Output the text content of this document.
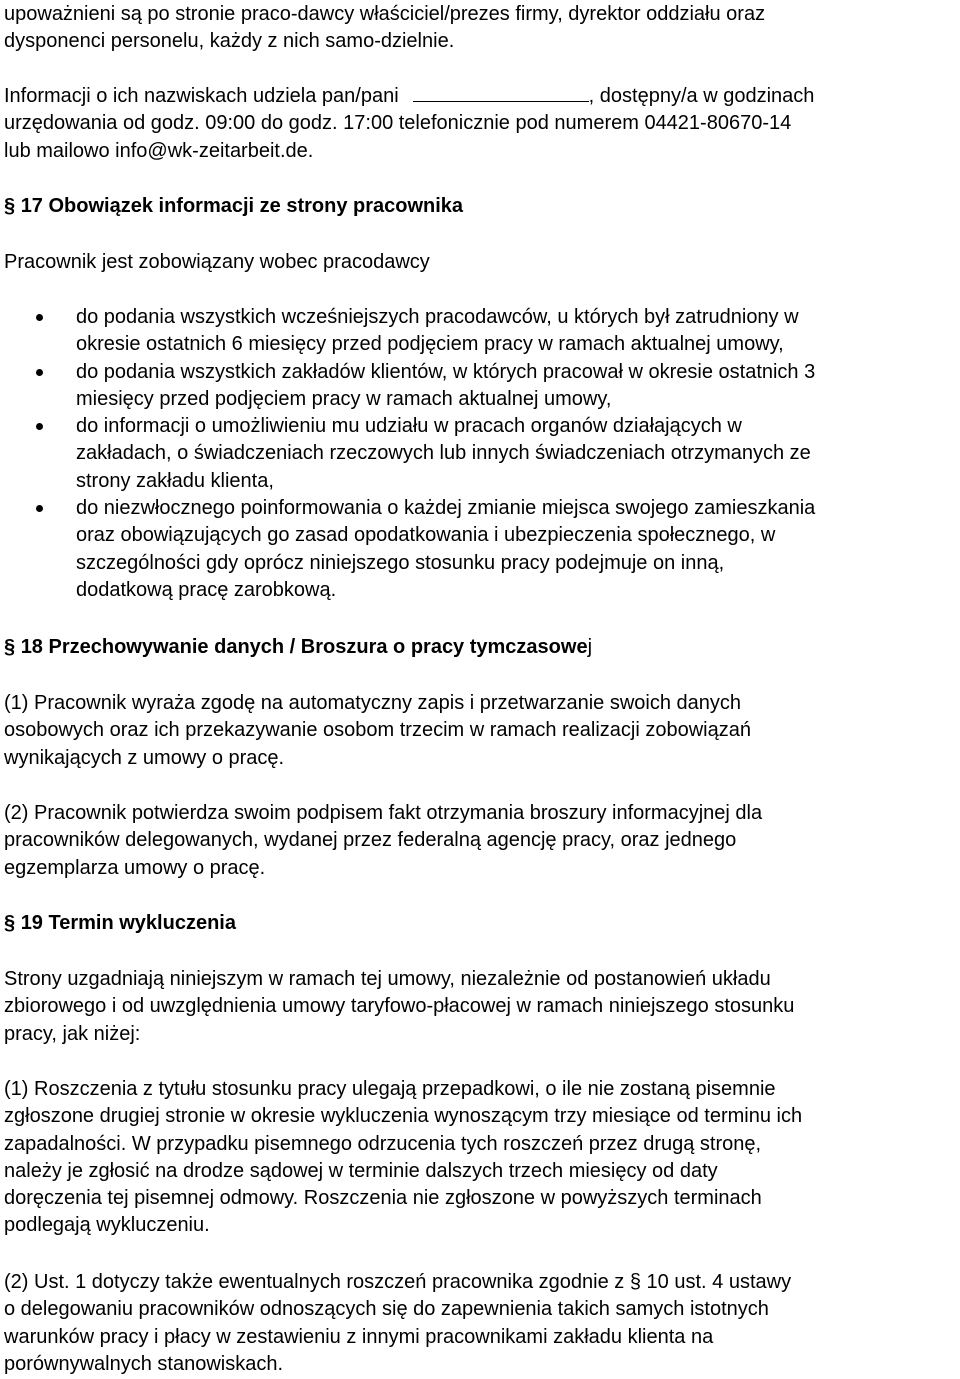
upoważnieni są po stronie praco-dawcy właściciel/prezes firmy, dyrektor oddziału oraz
dysponenci personelu, każdy z nich samo-dzielnie.
Informacji o ich nazwiskach udziela pan/pani	, dostępny/a w godzinach
urzędowania od godz. 09:00 do godz. 17:00 telefonicznie pod numerem 04421-80670-14
lub mailowo info@wk-zeitarbeit.de.
§ 17 Obowiązek informacji ze strony pracownika
Pracownik jest zobowiązany wobec pracodawcy
do podania wszystkich wcześniejszych pracodawców, u których był zatrudniony w
okresie ostatnich 6 miesięcy przed podjęciem pracy w ramach aktualnej umowy,
do podania wszystkich zakładów klientów, w których pracował w okresie ostatnich 3
miesięcy przed podjęciem pracy w ramach aktualnej umowy,
do informacji o umożliwieniu mu udziału w pracach organów działających w
zakładach, o świadczeniach rzeczowych lub innych świadczeniach otrzymanych ze
strony zakładu klienta,
do niezwłocznego poinformowania o każdej zmianie miejsca swojego zamieszkania
oraz obowiązujących go zasad opodatkowania i ubezpieczenia społecznego, w
szczególności gdy oprócz niniejszego stosunku pracy podejmuje on inną,
dodatkową pracę zarobkową.
§ 18 Przechowywanie danych / Broszura o pracy tymczasowej
(1) Pracownik wyraża zgodę na automatyczny zapis i przetwarzanie swoich danych
osobowych oraz ich przekazywanie osobom trzecim w ramach realizacji zobowiązań
wynikających z umowy o pracę.
(2) Pracownik potwierdza swoim podpisem fakt otrzymania broszury informacyjnej dla
pracowników delegowanych, wydanej przez federalną agencję pracy, oraz jednego
egzemplarza umowy o pracę.
§ 19 Termin wykluczenia
Strony uzgadniają niniejszym w ramach tej umowy, niezależnie od postanowień układu
zbiorowego i od uwzględnienia umowy taryfowo-płacowej w ramach niniejszego stosunku
pracy, jak niżej:
(1) Roszczenia z tytułu stosunku pracy ulegają przepadkowi, o ile nie zostaną pisemnie
zgłoszone drugiej stronie w okresie wykluczenia wynoszącym trzy miesiące od terminu ich
zapadalności. W przypadku pisemnego odrzucenia tych roszczeń przez drugą stronę,
należy je zgłosić na drodze sądowej w terminie dalszych trzech miesięcy od daty
doręczenia tej pisemnej odmowy. Roszczenia nie zgłoszone w powyższych terminach
podlegają wykluczeniu.
(2) Ust. 1 dotyczy także ewentualnych roszczeń pracownika zgodnie z § 10 ust. 4 ustawy
o delegowaniu pracowników odnoszących się do zapewnienia takich samych istotnych
warunków pracy i płacy w zestawieniu z innymi pracownikami zakładu klienta na
porównywalnych stanowiskach.
